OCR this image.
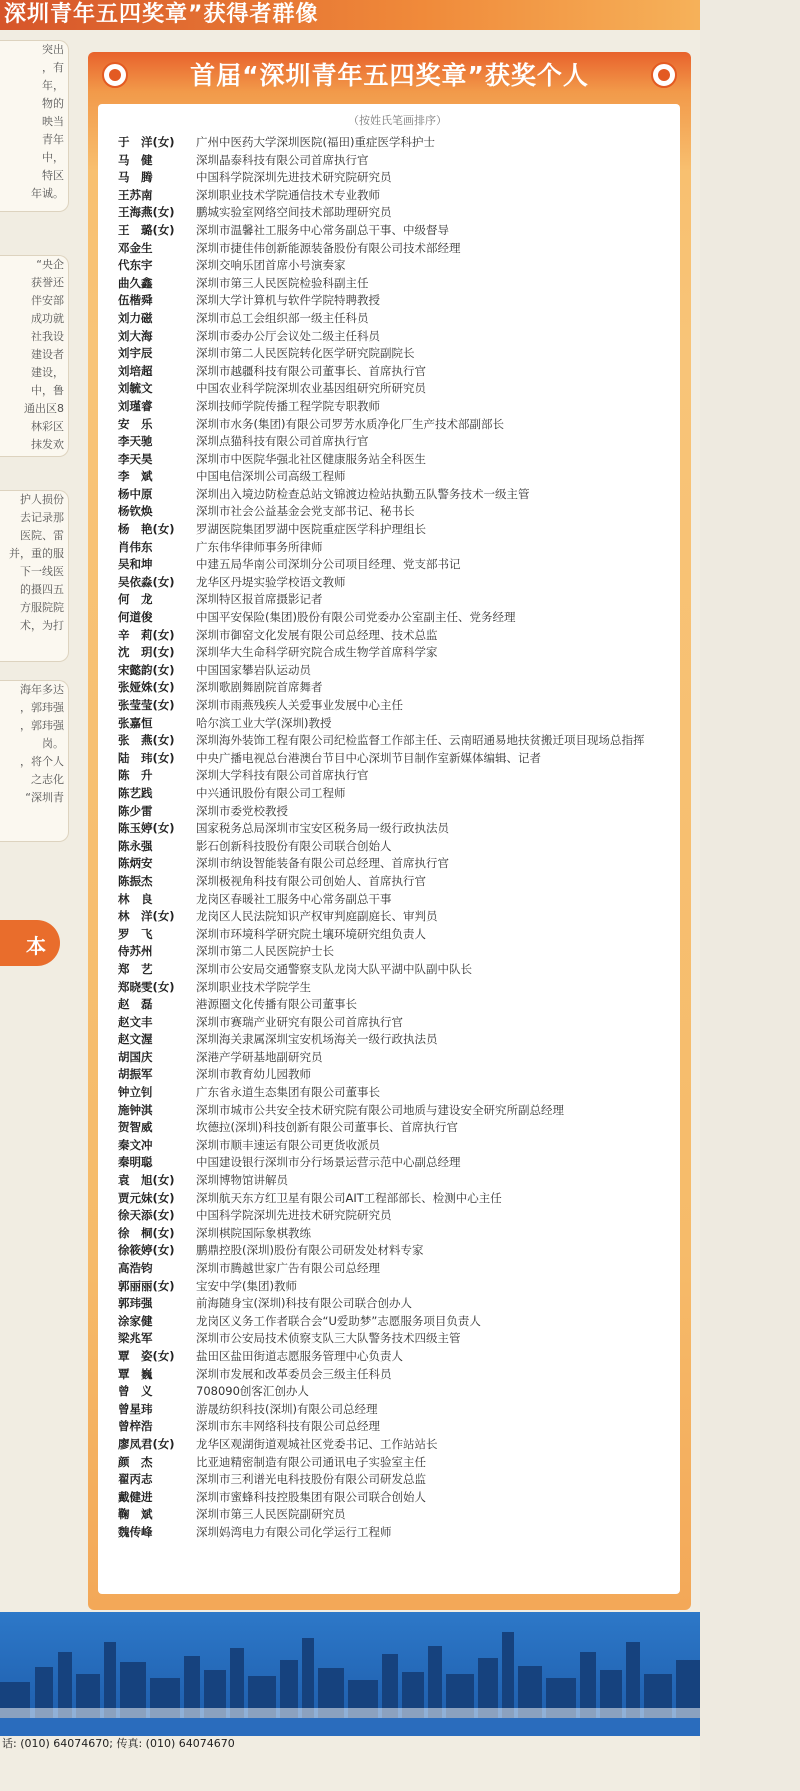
深圳青年五四奖章”获得者群像
突出
，有
年，
物的
映当
青年
中，
特区
年诚。
“央企
获誉还
伴安部
成功就
社我设
建设者
建设，
中，鲁
通出区8
林彩区
抹发欢
护人损份
去记录那
医院、雷
并，重的服
下一线医
的摄四五
方服院院
术，为打
海年多达
，郭玮强
，郭玮强
岗。
，将个人
之志化
“深圳青
本
首届“深圳青年五四奖章”获奖个人
（按姓氏笔画排序）
于　洋(女) 广州中医药大学深圳医院(福田)重症医学科护士
马　健	深圳晶泰科技有限公司首席执行官
马　腾	中国科学院深圳先进技术研究院研究员
王苏南	深圳职业技术学院通信技术专业教师
王海燕(女) 鹏城实验室网络空间技术部助理研究员
王　璐(女) 深圳市温馨社工服务中心常务副总干事、中级督导
邓金生	深圳市捷佳伟创新能源装备股份有限公司技术部经理
代东宇	深圳交响乐团首席小号演奏家
曲久鑫	深圳市第三人民医院检验科副主任
伍楷舜	深圳大学计算机与软件学院特聘教授
刘力磁	深圳市总工会组织部一级主任科员
刘大海	深圳市委办公厅会议处二级主任科员
刘宇辰	深圳市第二人民医院转化医学研究院副院长
刘培超	深圳市越疆科技有限公司董事长、首席执行官
刘毓文	中国农业科学院深圳农业基因组研究所研究员
刘瑾睿	深圳技师学院传播工程学院专职教师
安　乐	深圳市水务(集团)有限公司罗芳水质净化厂生产技术部副部长
李天驰	深圳点猫科技有限公司首席执行官
李天昊	深圳市中医院华强北社区健康服务站全科医生
李　斌	中国电信深圳公司高级工程师
杨中原	深圳出入境边防检查总站文锦渡边检站执勤五队警务技术一级主管
杨钦焕	深圳市社会公益基金会党支部书记、秘书长
杨　艳(女) 罗湖医院集团罗湖中医院重症医学科护理组长
肖伟东	广东伟华律师事务所律师
吴和坤	中建五局华南公司深圳分公司项目经理、党支部书记
吴依淼(女) 龙华区丹堤实验学校语文教师
何　龙	深圳特区报首席摄影记者
何道俊	中国平安保险(集团)股份有限公司党委办公室副主任、党务经理
辛　莉(女) 深圳市御窑文化发展有限公司总经理、技术总监
沈　玥(女) 深圳华大生命科学研究院合成生物学首席科学家
宋懿韵(女) 中国国家攀岩队运动员
张娅姝(女) 深圳歌剧舞剧院首席舞者
张莹莹(女) 深圳市雨燕残疾人关爱事业发展中心主任
张嘉恒	哈尔滨工业大学(深圳)教授
张　燕(女) 深圳海外装饰工程有限公司纪检监督工作部主任、云南昭通易地扶贫搬迁项目现场总指挥
陆　玮(女) 中央广播电视总台港澳台节目中心深圳节目制作室新媒体编辑、记者
陈　升	深圳大学科技有限公司首席执行官
陈艺践	中兴通讯股份有限公司工程师
陈少雷	深圳市委党校教授
陈玉婷(女) 国家税务总局深圳市宝安区税务局一级行政执法员
陈永强	影石创新科技股份有限公司联合创始人
陈炳安	深圳市纳设智能装备有限公司总经理、首席执行官
陈振杰	深圳极视角科技有限公司创始人、首席执行官
林　良	龙岗区春暖社工服务中心常务副总干事
林　洋(女) 龙岗区人民法院知识产权审判庭副庭长、审判员
罗　飞	深圳市环境科学研究院土壤环境研究组负责人
侍苏州	深圳市第二人民医院护士长
郑　艺	深圳市公安局交通警察支队龙岗大队平湖中队副中队长
郑晓雯(女) 深圳职业技术学院学生
赵　磊	港源圈文化传播有限公司董事长
赵文丰	深圳市赛瑞产业研究有限公司首席执行官
赵文渥	深圳海关隶属深圳宝安机场海关一级行政执法员
胡国庆	深港产学研基地副研究员
胡振军	深圳市教育幼儿园教师
钟立钊	广东省永道生态集团有限公司董事长
施钟淇	深圳市城市公共安全技术研究院有限公司地质与建设安全研究所副总经理
贺智威	坎德拉(深圳)科技创新有限公司董事长、首席执行官
秦文冲	深圳市顺丰速运有限公司更货收派员
秦明聪	中国建设银行深圳市分行场景运营示范中心副总经理
袁　旭(女) 深圳博物馆讲解员
贾元妹(女) 深圳航天东方红卫星有限公司AIT工程部部长、检测中心主任
徐天添(女) 中国科学院深圳先进技术研究院研究员
徐　桐(女) 深圳棋院国际象棋教练
徐筱婷(女) 鹏鼎控股(深圳)股份有限公司研发处材料专家
高浩钧	深圳市腾越世家广告有限公司总经理
郭丽丽(女) 宝安中学(集团)教师
郭玮强	前海随身宝(深圳)科技有限公司联合创办人
涂家健	龙岗区义务工作者联合会“U爱助梦”志愿服务项目负责人
梁兆军	深圳市公安局技术侦察支队三大队警务技术四级主管
覃　姿(女) 盐田区盐田街道志愿服务管理中心负责人
覃　巍	深圳市发展和改革委员会三级主任科员
曾　义	708090创客汇创办人
曾星玮	游晟纺织科技(深圳)有限公司总经理
曾梓浩	深圳市东丰网络科技有限公司总经理
廖凤君(女) 龙华区观湖街道观城社区党委书记、工作站站长
颜　杰	比亚迪精密制造有限公司通讯电子实验室主任
翟丙志	深圳市三利谱光电科技股份有限公司研发总监
戴健进	深圳市蜜蜂科技控股集团有限公司联合创始人
鞠　斌	深圳市第三人民医院副研究员
魏传峰	深圳妈湾电力有限公司化学运行工程师
话: (010) 64074670; 传真: (010) 64074670
